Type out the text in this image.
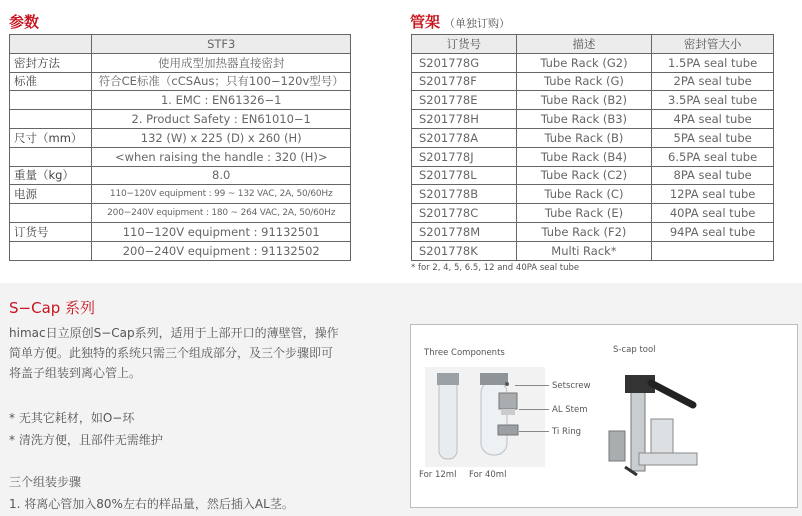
参数
	STF3
密封方法	使用成型加热器直接密封
标准	符合CE标准（cCSAus；只有100−120v型号）
	1. EMC : EN61326−1
	2. Product Safety : EN61010−1
尺寸（mm）	132 (W) x 225 (D) x 260 (H)
	<when raising the handle : 320 (H)>
重量（kg）	8.0
电源	110−120V equipment : 99 ~ 132 VAC, 2A, 50/60Hz
	200−240V equipment : 180 ~ 264 VAC, 2A, 50/60Hz
订货号	110−120V equipment : 91132501
	200−240V equipment : 91132502
管架 （单独订购）
订货号	描述	密封管大小
S201778G	Tube Rack (G2)	1.5PA seal tube
S201778F	Tube Rack (G)	2PA seal tube
S201778E	Tube Rack (B2)	3.5PA seal tube
S201778H	Tube Rack (B3)	4PA seal tube
S201778A	Tube Rack (B)	5PA seal tube
S201778J	Tube Rack (B4)	6.5PA seal tube
S201778L	Tube Rack (C2)	8PA seal tube
S201778B	Tube Rack (C)	12PA seal tube
S201778C	Tube Rack (E)	40PA seal tube
S201778M	Tube Rack (F2)	94PA seal tube
S201778K	Multi Rack*	
* for 2, 4, 5, 6.5, 12 and 40PA seal tube
S−Cap 系列
himac日立原创S−Cap系列，适用于上部开口的薄壁管，操作
简单方便。此独特的系统只需三个组成部分，及三个步骤即可
将盖子组装到离心管上。
* 无其它耗材，如O−环
* 清洗方便，且部件无需维护
三个组装步骤
1. 将离心管加入80%左右的样品量，然后插入AL茎。
Three Components	S-cap tool
Setscrew
AL Stem
Ti Ring
For 12ml For 40ml
